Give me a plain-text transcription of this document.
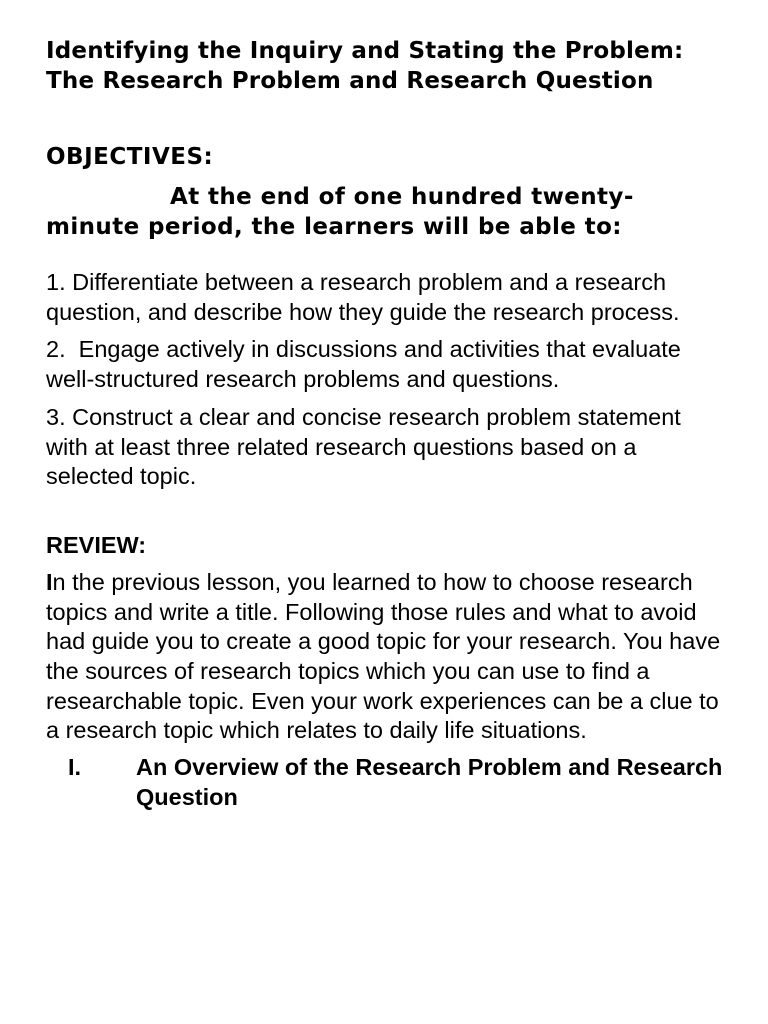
Identifying the Inquiry and Stating the Problem: The Research Problem and Research Question
OBJECTIVES:
At the end of one hundred twenty-minute period, the learners will be able to:
1. Differentiate between a research problem and a research question, and describe how they guide the research process.
2.  Engage actively in discussions and activities that evaluate well-structured research problems and questions.
3. Construct a clear and concise research problem statement with at least three related research questions based on a selected topic.
REVIEW:

In the previous lesson, you learned to how to choose research topics and write a title. Following those rules and what to avoid had guide you to create a good topic for your research. You have the sources of research topics which you can use to find a researchable topic. Even your work experiences can be a clue to a research topic which relates to daily life situations.

I. An Overview of the Research Problem and Research Question
